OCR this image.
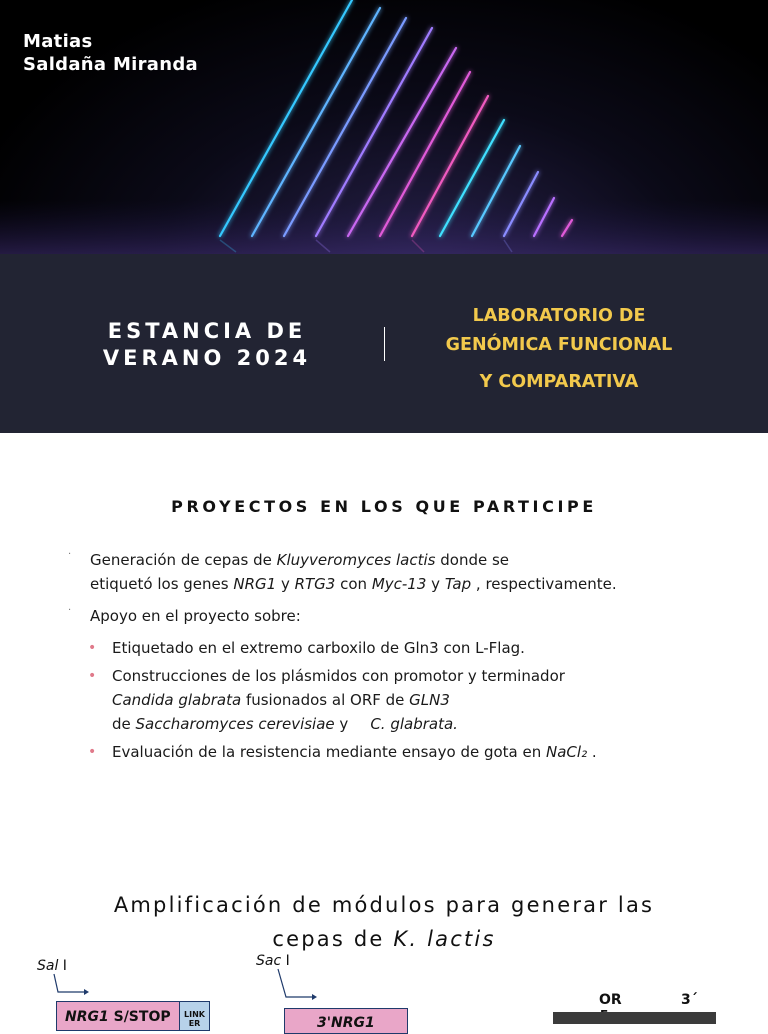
Matias
Saldaña Miranda
ESTANCIA DE
VERANO 2024
LABORATORIO DE
GENÓMICA FUNCIONAL
Y COMPARATIVA
PROYECTOS EN LOS QUE PARTICIPE
· Generación de cepas de Kluyveromyces lactis donde se
etiquetó los genes NRG1 y RTG3 con Myc-13 y Tap , respectivamente.
· Apoyo en el proyecto sobre:
• Etiquetado en el extremo carboxilo de Gln3 con L-Flag.
• Construcciones de los plásmidos con promotor y terminador
Candida glabrata fusionados al ORF de GLN3
de Saccharomyces cerevisiae y C. glabrata.
• Evaluación de la resistencia mediante ensayo de gota en NaCl₂ .
Amplificación de módulos para generar las
cepas de K. lactis
Sal I	Sac I
NRG1 S/STOP	LINK ER	3'NRG1
OR	3´
